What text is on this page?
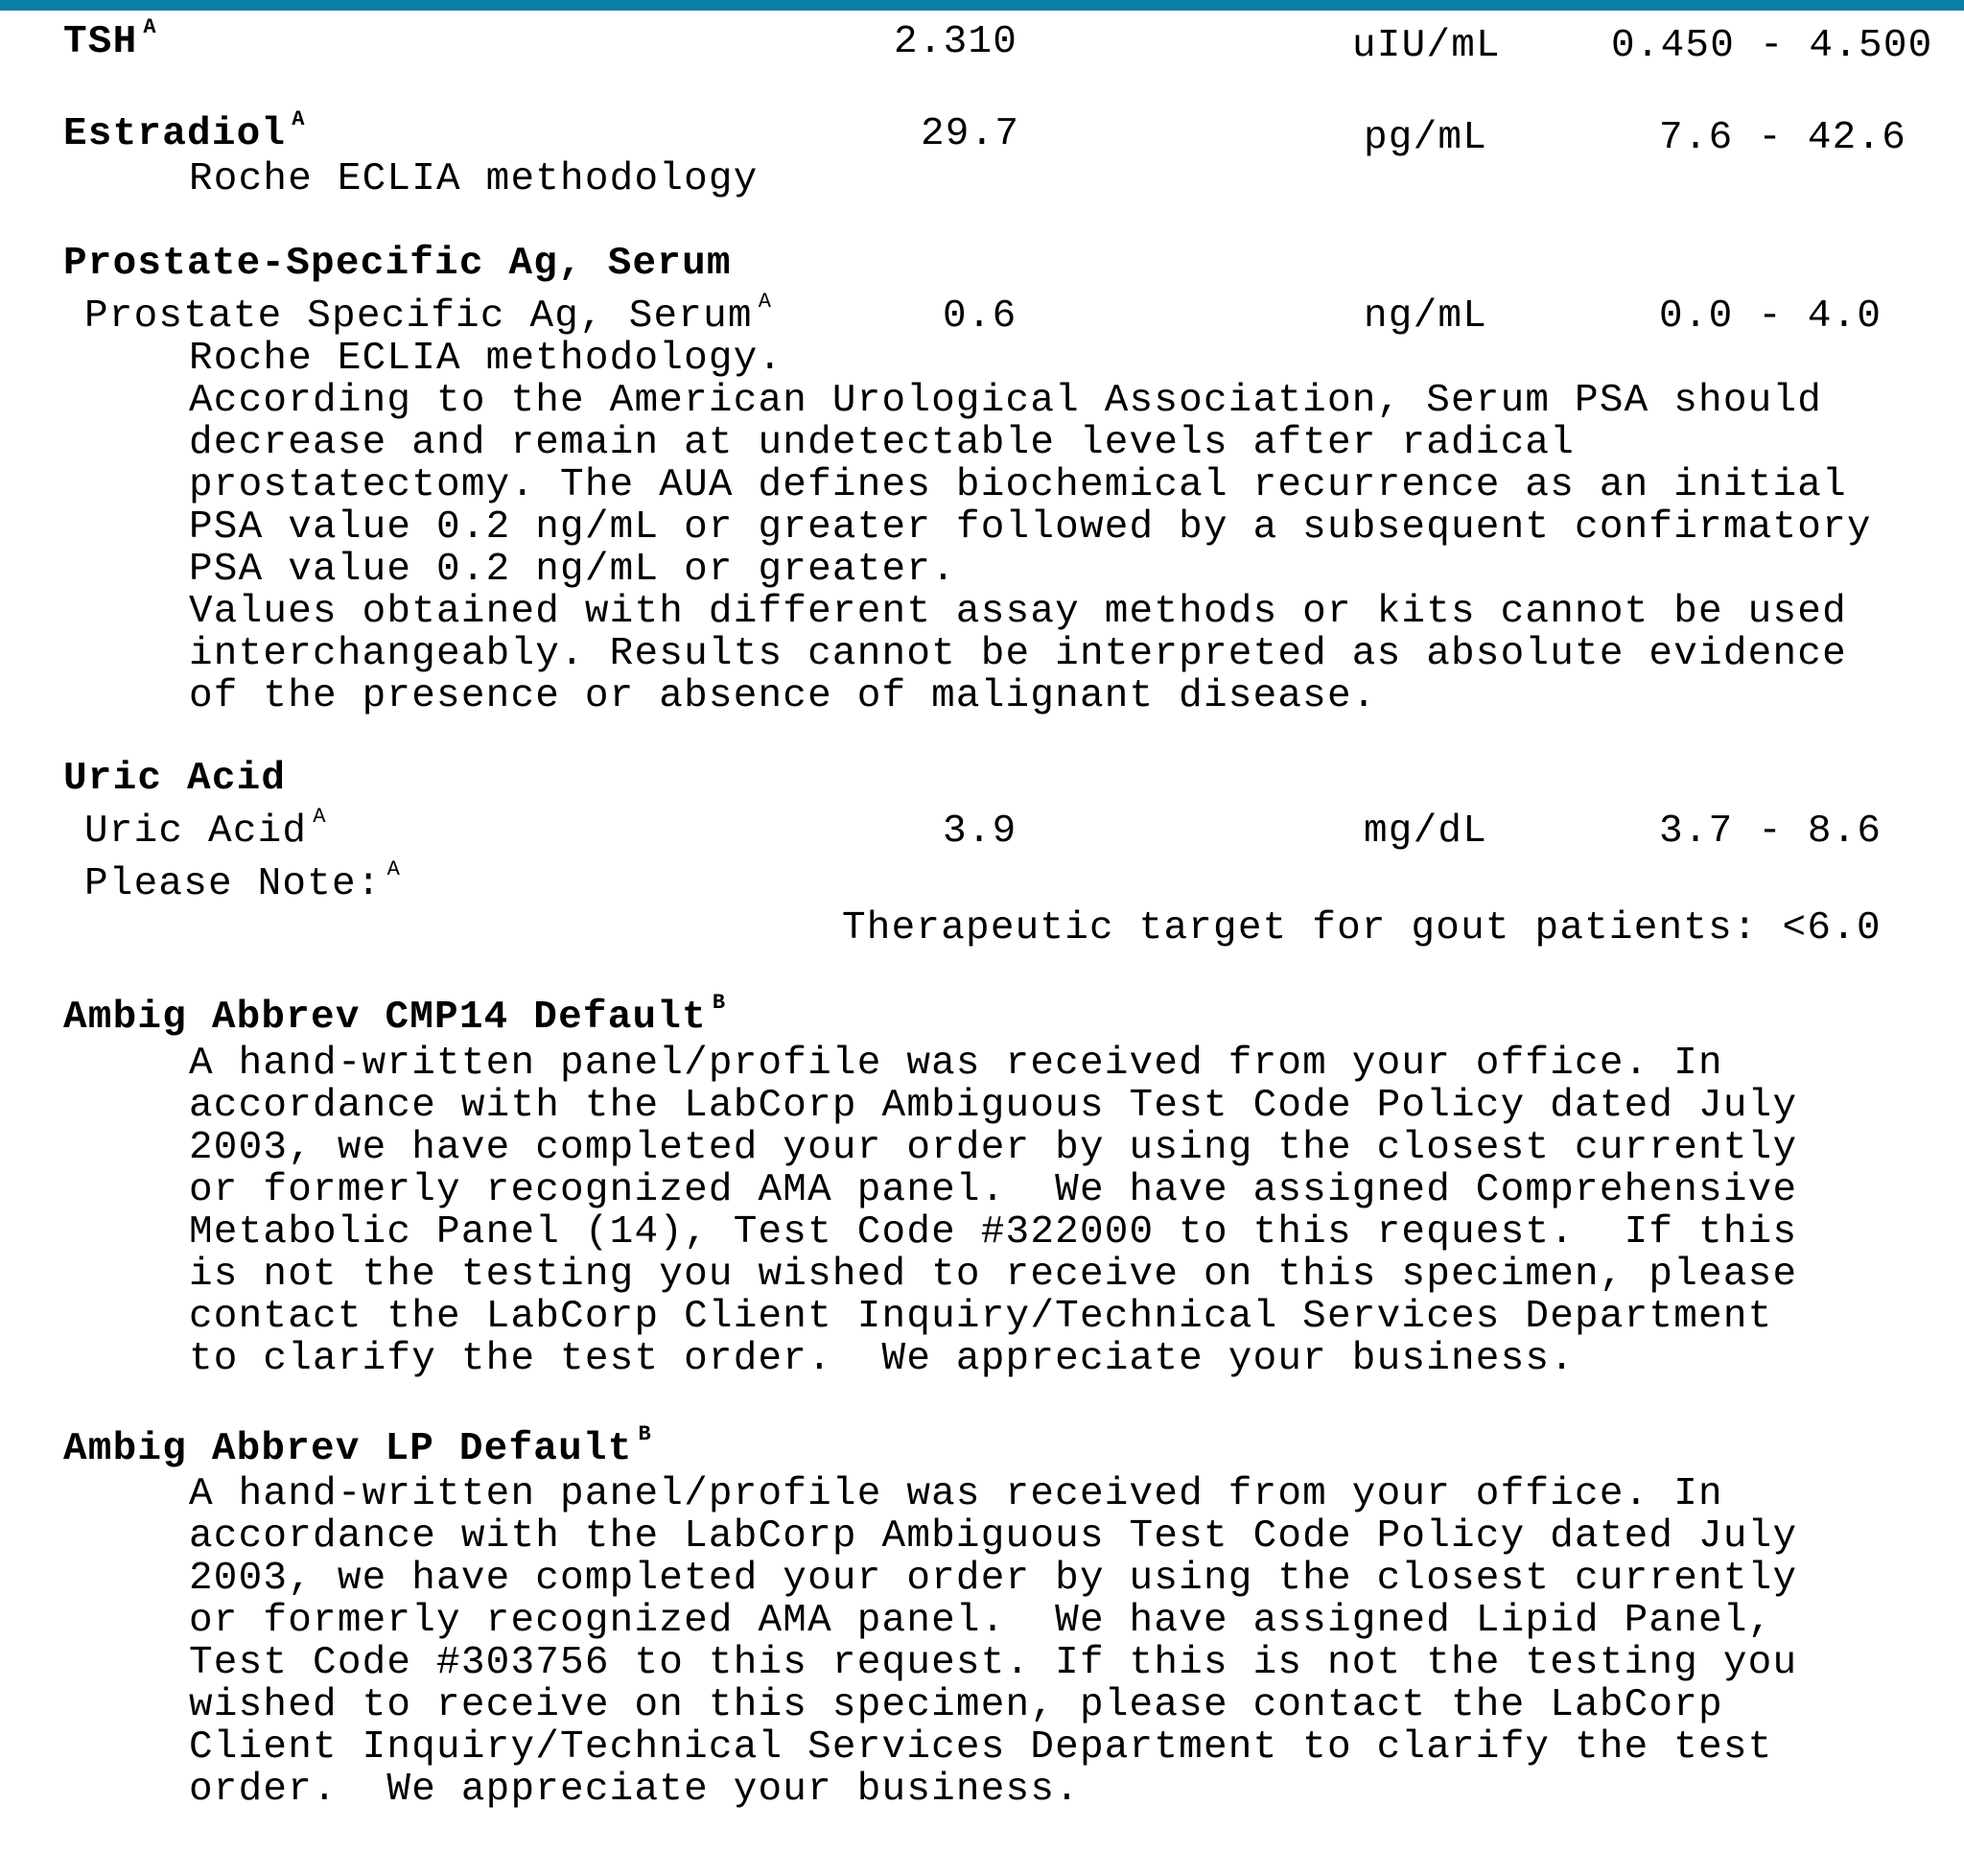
TSH $^A$	2.310	uIU/mL	0.450 - 4.500
Estradiol $^A$	29.7	pg/mL	7.6 - 42.6
Roche ECLIA methodology
Prostate-Specific Ag, Serum
Prostate Specific Ag, Serum $^A$	0.6	ng/mL	0.0 - 4.0
Roche ECLIA methodology.
According to the American Urological Association, Serum PSA should
decrease and remain at undetectable levels after radical
prostatectomy. The AUA defines biochemical recurrence as an initial
PSA value 0.2 ng/mL or greater followed by a subsequent confirmatory
PSA value 0.2 ng/mL or greater.
Values obtained with different assay methods or kits cannot be used
interchangeably. Results cannot be interpreted as absolute evidence
of the presence or absence of malignant disease.
Uric Acid
Uric Acid $^A$	3.9	mg/dL	3.7 - 8.6
Please Note: $^A$
Therapeutic target for gout patients: <6.0
Ambig Abbrev CMP14 Default $^B$
A hand-written panel/profile was received from your office. In
accordance with the LabCorp Ambiguous Test Code Policy dated July
2003, we have completed your order by using the closest currently
or formerly recognized AMA panel.  We have assigned Comprehensive
Metabolic Panel (14), Test Code #322000 to this request.  If this
is not the testing you wished to receive on this specimen, please
contact the LabCorp Client Inquiry/Technical Services Department
to clarify the test order.  We appreciate your business.
Ambig Abbrev LP Default $^B$
A hand-written panel/profile was received from your office. In
accordance with the LabCorp Ambiguous Test Code Policy dated July
2003, we have completed your order by using the closest currently
or formerly recognized AMA panel.  We have assigned Lipid Panel,
Test Code #303756 to this request. If this is not the testing you
wished to receive on this specimen, please contact the LabCorp
Client Inquiry/Technical Services Department to clarify the test
order.  We appreciate your business.
